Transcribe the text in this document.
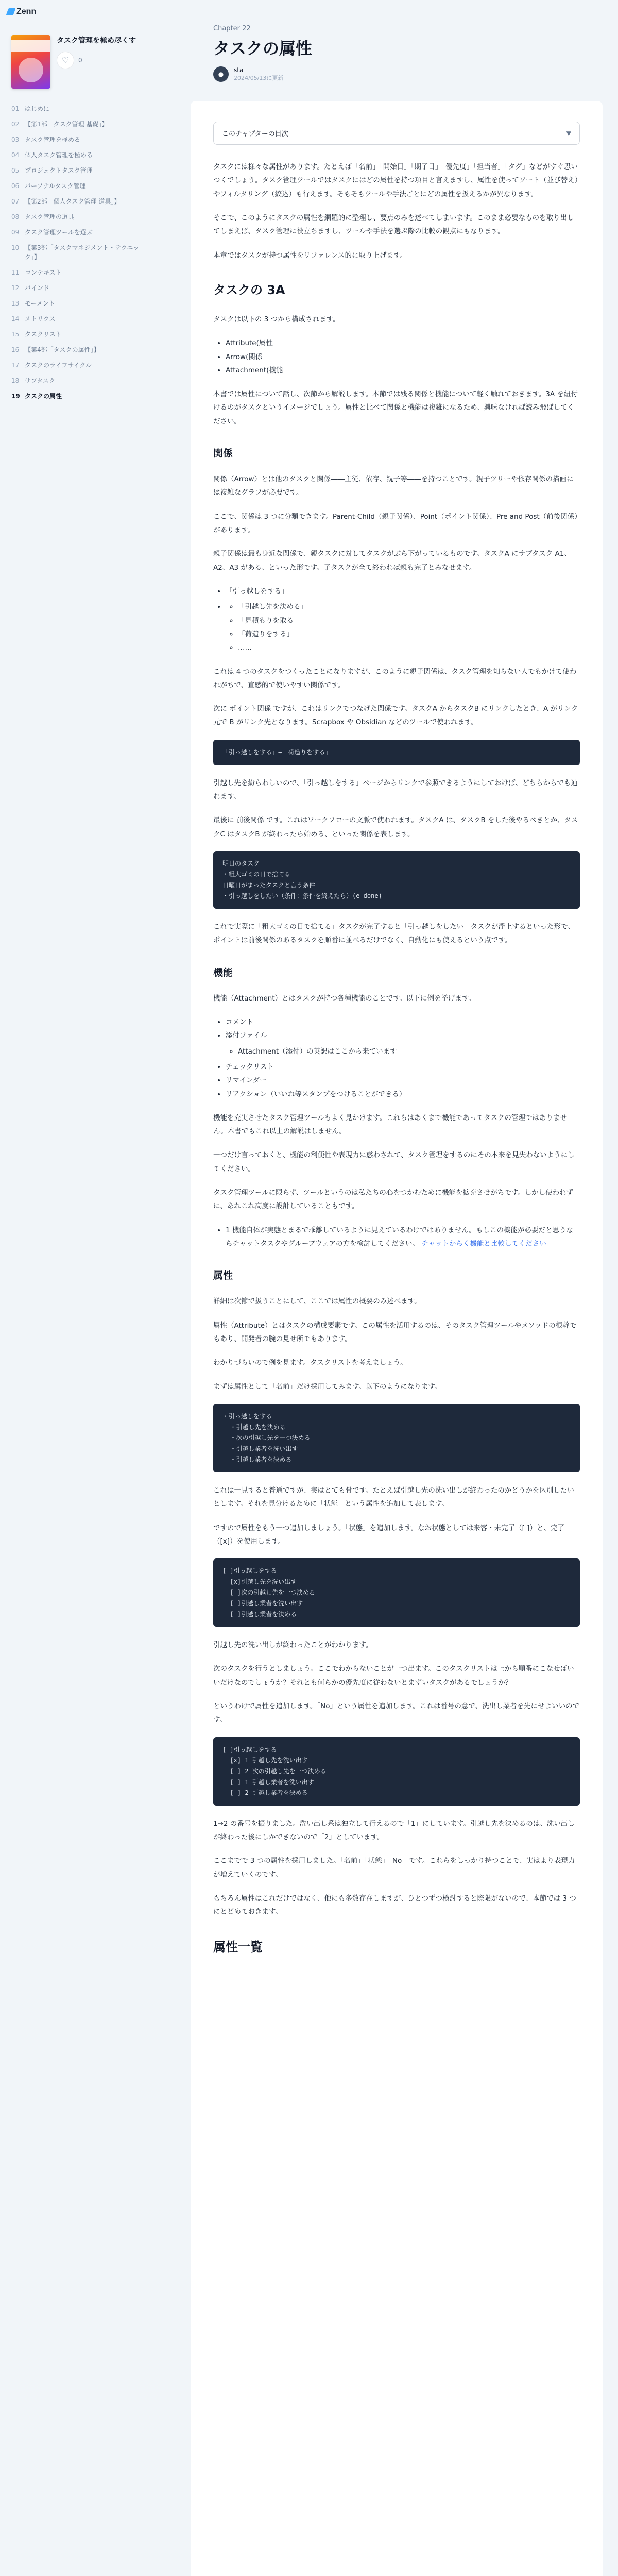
Zenn
タスク管理を極め尽くす
♡ 0
01 はじめに
02 【第1部「タスク管理 基礎」】
03 タスク管理を極める
04 個人タスク管理を極める
05 プロジェクトタスク管理
06 パーソナルタスク管理
07 【第2部「個人タスク管理 道具」】
08 タスク管理の道具
09 タスク管理ツールを選ぶ
10 【第3部「タスクマネジメント・テクニック」】
11 コンテキスト
12 バインド
13 モーメント
14 メトリクス
15 タスクリスト
16 【第4部「タスクの属性」】
17 タスクのライフサイクル
18 サブタスク
19 タスクの属性
Chapter 22
タスクの属性
●
sta
2024/05/13に更新
このチャプターの目次	▼

タスクには様々な属性があります。たとえば「名前」「開始日」「期了日」「優先度」「担当者」「タグ」などがすぐ思いつくでしょう。タスク管理ツールではタスクにはどの属性を持つ項目と言えますし、属性を使ってソート（並び替え）やフィルタリング（絞込）も行えます。そもそもツールや手法ごとにどの属性を扱えるかが異なります。

そこで、このようにタスクの属性を網羅的に整理し、要点のみを述べてしまいます。このまま必要なものを取り出してしまえば、タスク管理に役立ちますし、ツールや手法を選ぶ際の比較の観点にもなります。

本章ではタスクが持つ属性をリファレンス的に取り上げます。

タスクの 3A

タスクは以下の 3 つから構成されます。

• Attribute(属性
• Arrow(関係
• Attachment(機能

本書では属性について話し、次節から解説します。本節では残る関係と機能について軽く触れておきます。3A を紐付けるのがタスクというイメージでしょう。属性と比べて関係と機能は複雑になるため、興味なければ読み飛ばしてください。

関係

関係（Arrow）とは他のタスクと関係――主従、依存、親子等――を持つことです。親子ツリーや依存関係の描画には複雑なグラフが必要です。

ここで、関係は 3 つに分類できます。Parent-Child（親子関係）、Point（ポイント関係）、Pre and Post（前後関係）があります。

親子関係は最も身近な関係で、親タスクに対してタスクがぶら下がっているものです。タスクA にサブタスク A1、A2、A3 がある、といった形です。子タスクが全て終われば親も完了とみなせます。

• 「引っ越しをする」
◦ • 「引越し先を決める」
◦ 「見積もりを取る」
◦ 「荷造りをする」
◦ ……

これは 4 つのタスクをつくったことになりますが、このように親子関係は、タスク管理を知らない人でもかけて使われがちで、直感的で使いやすい関係です。

次に ポイント関係 ですが、これはリンクでつなげた関係です。タスクA からタスクB にリンクしたとき、A がリンク元で B がリンク先となります。Scrapbox や Obsidian などのツールで使われます。

「引っ越しをする」→「荷造りをする」

引越し先を紛らわしいので、「引っ越しをする」ページからリンクで参照できるようにしておけば、どちらからでも辿れます。

最後に 前後関係 です。これはワークフローの文脈で使われます。タスクA は、タスクB をした後やるべきとか、タスクC はタスクB が終わったら始める、といった関係を表します。

明日のタスク
・粗大ゴミの日で捨てる
日曜日がまったタスクと言う条件
・引っ越しをしたい（条件：条件を終えたら）(e done)

これで実際に「粗大ゴミの日で捨てる」タスクが完了すると「引っ越しをしたい」タスクが浮上するといった形で、ポイントは前後関係のあるタスクを順番に並べるだけでなく、自動化にも使えるという点です。

機能

機能（Attachment）とはタスクが持つ各種機能のことです。以下に例を挙げます。

• コメント
• 添付ファイル
◦ Attachment（添付）の英訳はここから来ています
• チェックリスト
• リマインダー
• リアクション（いいね等スタンプをつけることができる）

機能を充実させたタスク管理ツールもよく見かけます。これらはあくまで機能であってタスクの管理ではありません。本書でもこれ以上の解説はしません。

一つだけ言っておくと、機能の利便性や表現力に惑わされて、タスク管理をするのにその本来を見失わないようにしてください。

タスク管理ツールに限らず、ツールというのは私たちの心をつかむために機能を拡充させがちです。しかし使われずに、あれこれ高度に設計していることもです。

• 1 機能自体が実態とまるで乖離しているように見えているわけではありません。もしこの機能が必要だと思うならチャットタスクやグループウェアの方を検討してください。 チャットからく機能と比較してください
属性

詳細は次節で扱うことにして、ここでは属性の概要のみ述べます。

属性（Attribute）とはタスクの構成要素です。この属性を活用するのは、そのタスク管理ツールやメソッドの根幹でもあり、開発者の腕の見せ所でもあります。

わかりづらいので例を見ます。タスクリストを考えましょう。

まずは属性として「名前」だけ採用してみます。以下のようになります。

・引っ越しをする
・引越し先を決める
・次の引越し先を一つ決める
・引越し業者を洗い出す
・引越し業者を決める

これは一見すると普通ですが、実はとても骨です。たとえば引越し先の洗い出しが終わったのかどうかを区別したいとします。それを見分けるために「状態」という属性を追加して表します。

ですので属性をもう一つ追加しましょう。「状態」を追加します。なお状態としては来客・未完了（[ ]）と、完了（[x]）を使用します。

[ ]引っ越しをする
[x]引越し先を洗い出す
[ ]次の引越し先を一つ決める
[ ]引越し業者を洗い出す
[ ]引越し業者を決める

引越し先の洗い出しが終わったことがわかります。

次のタスクを行うとしましょう。ここでわからないことが一つ出ます。このタスクリストは上から順番にこなせばいいだけなのでしょうか？それとも何らかの優先度に従わないとまずいタスクがあるでしょうか？

というわけで属性を追加します。「No」という属性を追加します。これは番号の意で、洗出し業者を先にせよいいのです。

[ ]引っ越しをする
[x] 1 引越し先を洗い出す
[ ] 2 次の引越し先を一つ決める
[ ] 1 引越し業者を洗い出す
[ ] 2 引越し業者を決める

1→2 の番号を振りました。洗い出し系は独立して行えるので「1」にしています。引越し先を決めるのは、洗い出しが終わった後にしかできないので「2」としています。

ここまでで 3 つの属性を採用しました。「名前」「状態」「No」です。これらをしっかり持つことで、実はより表現力が増えていくのです。

もちろん属性はこれだけではなく、他にも多数存在しますが、ひとつずつ検討すると際限がないので、本節では 3 つにとどめておきます。

属性一覧
